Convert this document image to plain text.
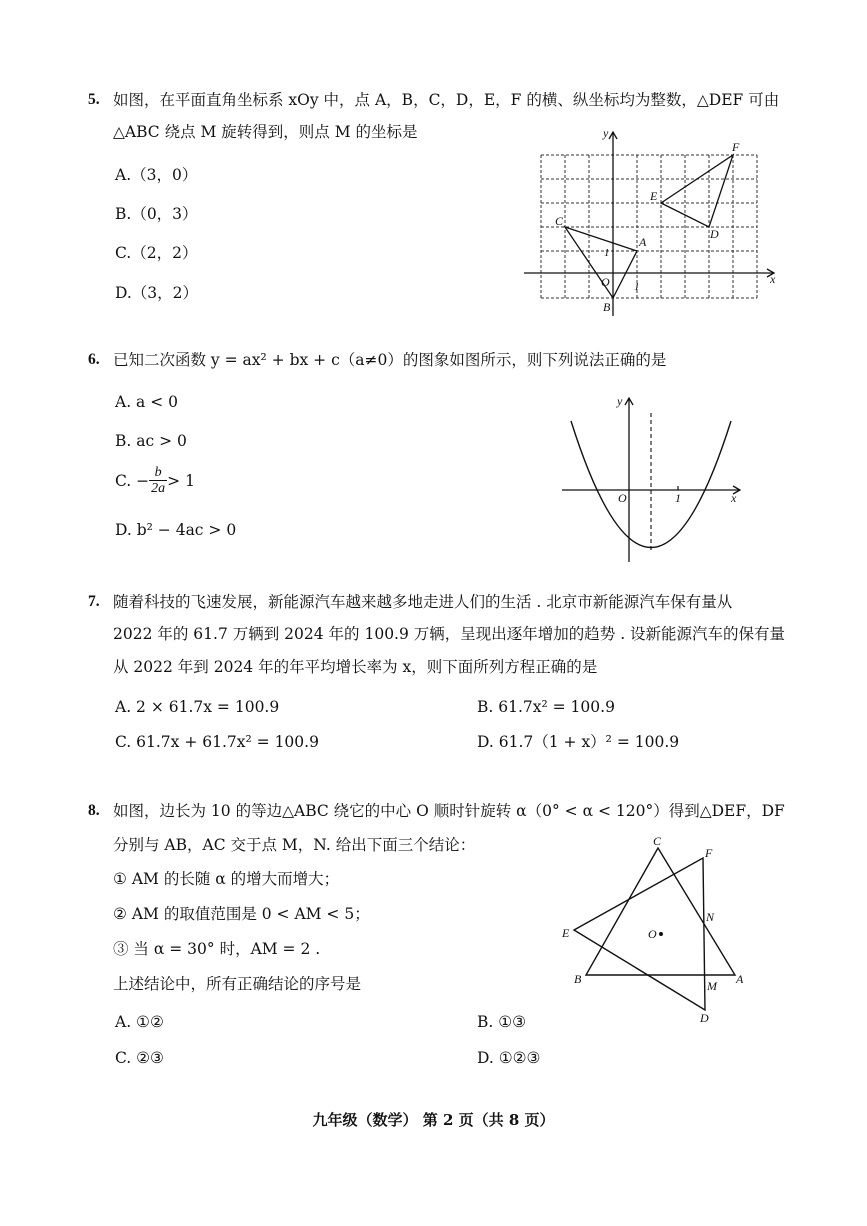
5. 如图，在平面直角坐标系 xOy 中，点 A，B，C，D，E，F 的横、纵坐标均为整数，△DEF 可由
△ABC 绕点 M 旋转得到，则点 M 的坐标是
A.（3，0）
B.（0，3）
C.（2，2）
D.（3，2）
y
x
O
1
1
A
B
C
D
E
F
6. 已知二次函数 y = ax² + bx + c（a≠0）的图象如图所示，则下列说法正确的是
A. a < 0
B. ac > 0
C. − $\frac{b}{2a} > 1$
D. b² − 4ac > 0
y
x
O	1
7. 随着科技的飞速发展，新能源汽车越来越多地走进人们的生活 . 北京市新能源汽车保有量从
2022 年的 61.7 万辆到 2024 年的 100.9 万辆，呈现出逐年增加的趋势 . 设新能源汽车的保有量
从 2022 年到 2024 年的年平均增长率为 x，则下面所列方程正确的是
A. 2 × 61.7x = 100.9	B. 61.7x² = 100.9
C. 61.7x + 61.7x² = 100.9	D. 61.7（1 + x）² = 100.9
8. 如图，边长为 10 的等边△ABC 绕它的中心 O 顺时针旋转 α（0° < α < 120°）得到△DEF，DF
分别与 AB，AC 交于点 M，N. 给出下面三个结论：
① AM 的长随 α 的增大而增大；
② AM 的取值范围是 0 < AM < 5；
③ 当 α = 30° 时，AM = 2 .
上述结论中，所有正确结论的序号是
A. ①②	B. ①③
C. ②③	D. ①②③
C
F
N
E	O
B	M A
D
九年级（数学） 第 2 页（共 8 页）
